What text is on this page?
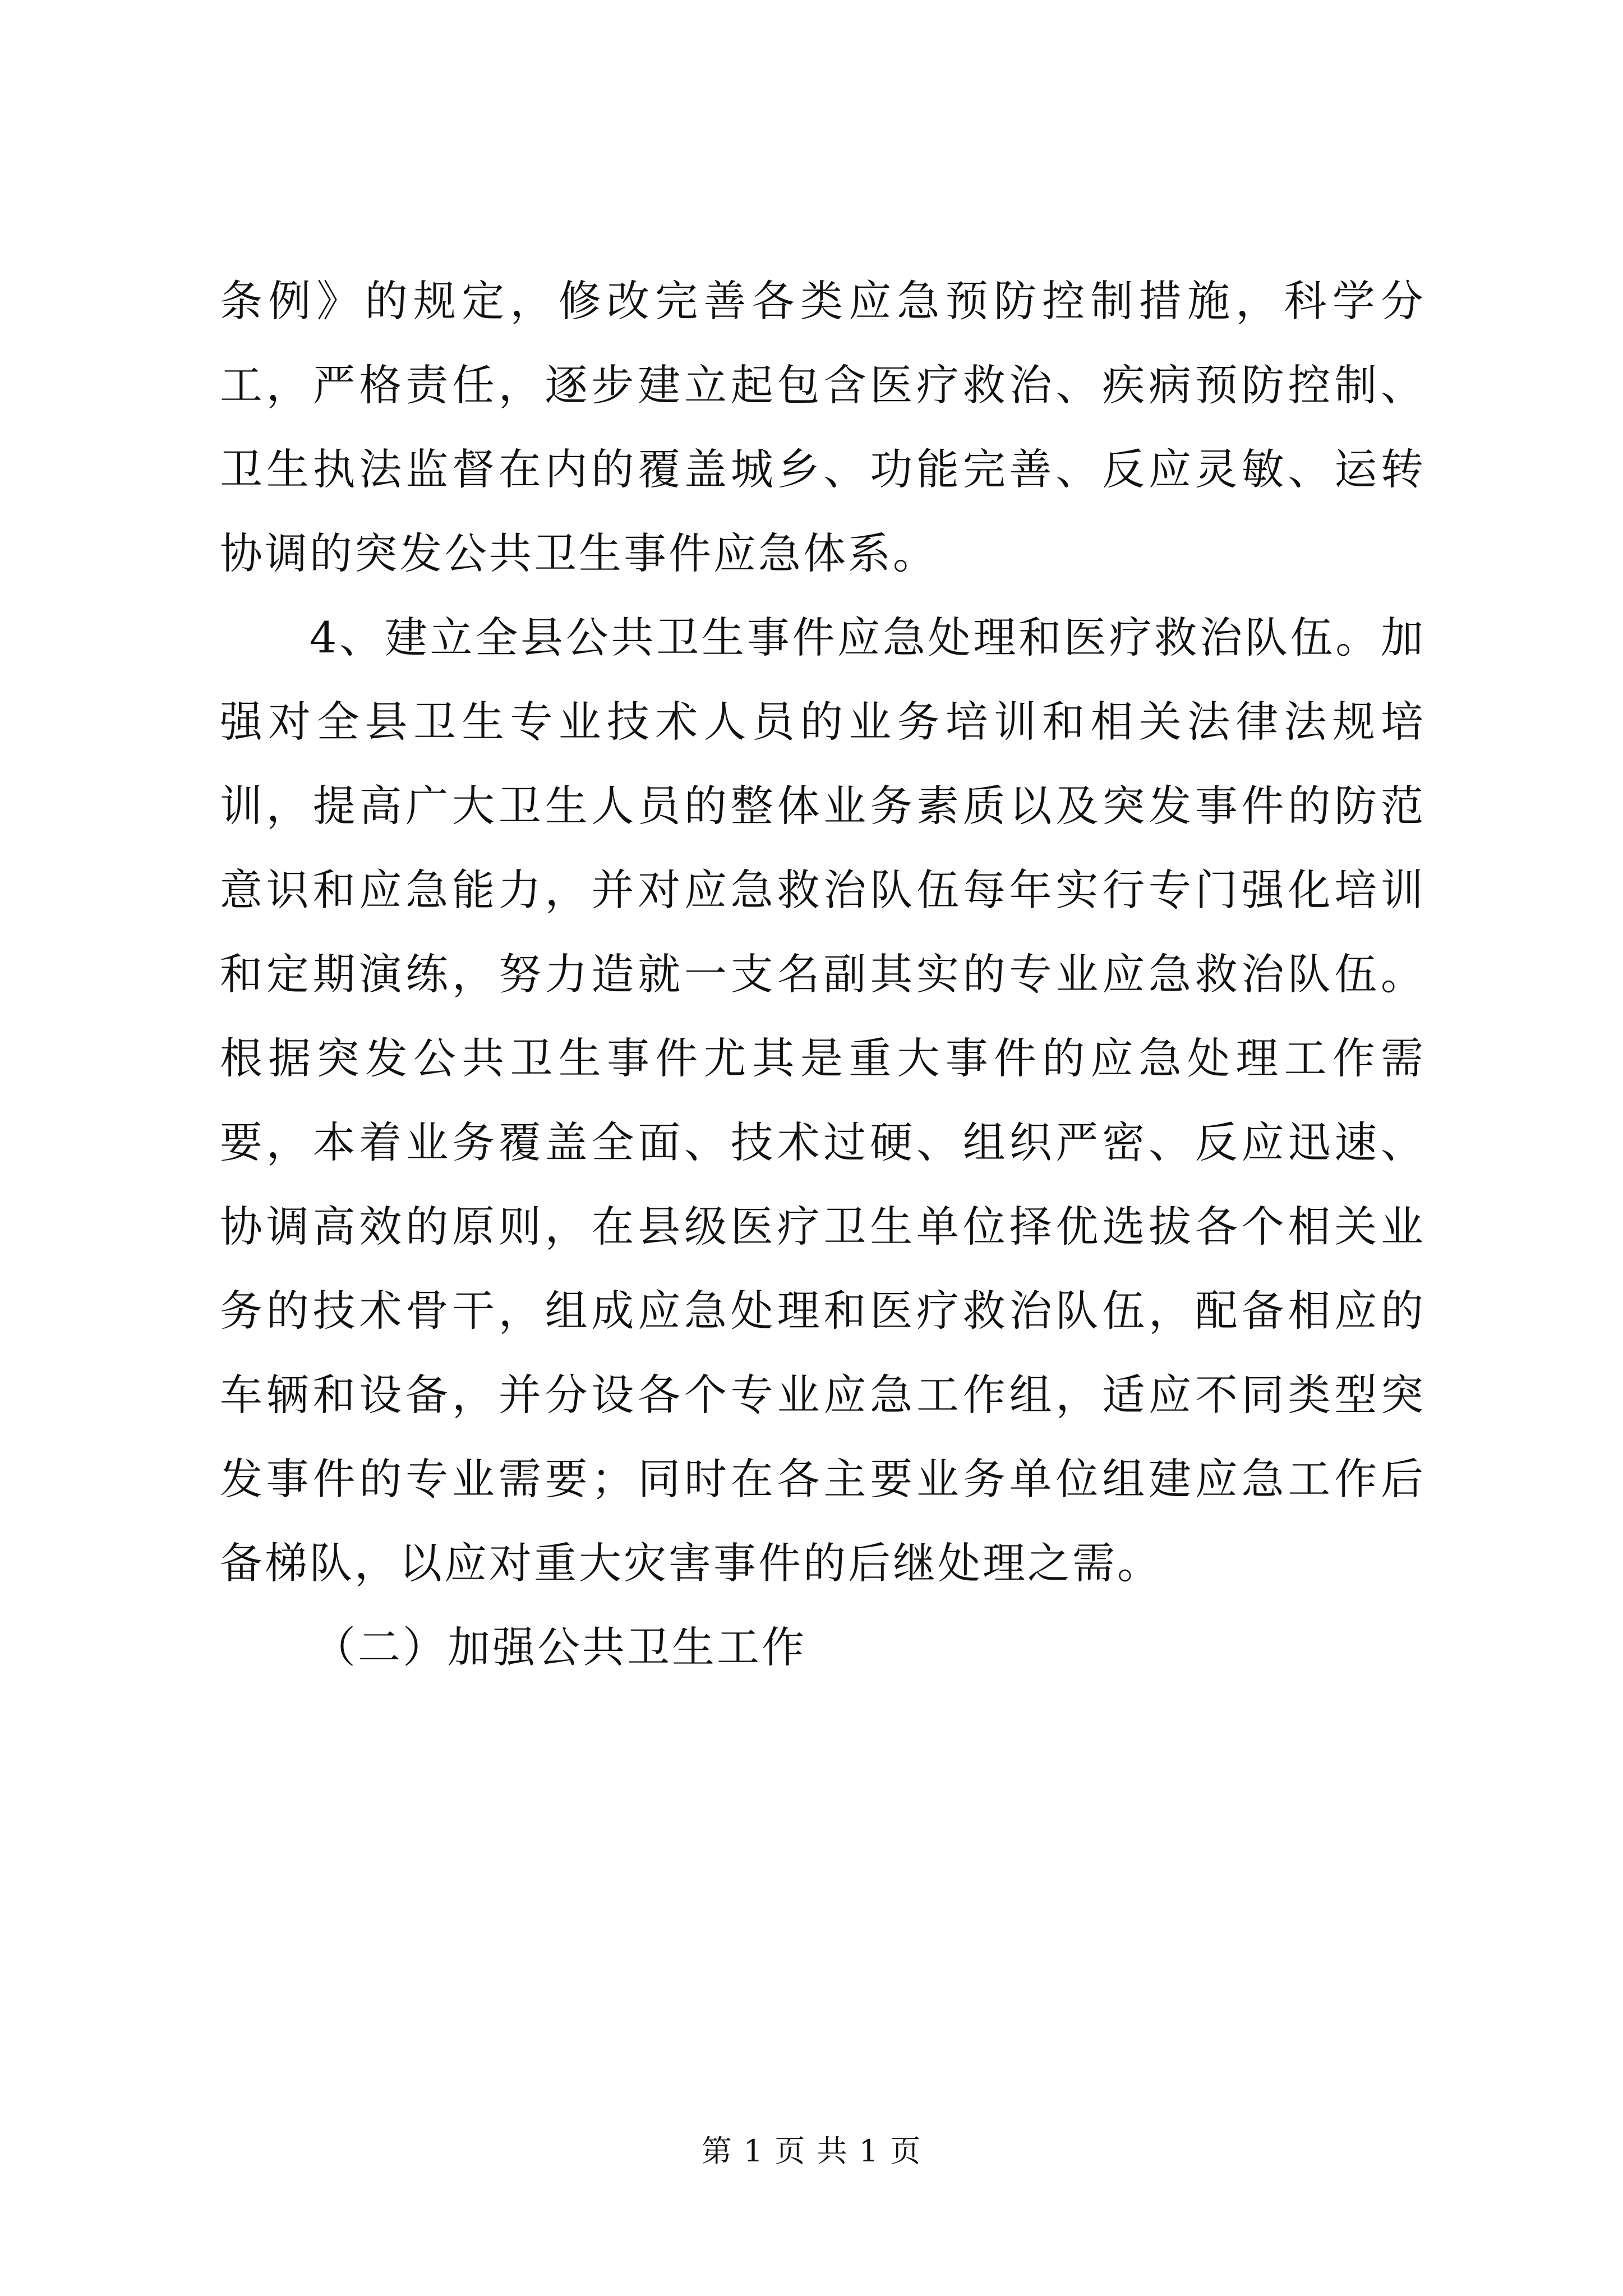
条例》的规定，修改完善各类应急预防控制措施，科学分工，严格责任，逐步建立起包含医疗救治、疾病预防控制、卫生执法监督在内的覆盖城乡、功能完善、反应灵敏、运转协调的突发公共卫生事件应急体系。

4、建立全县公共卫生事件应急处理和医疗救治队伍。加强对全县卫生专业技术人员的业务培训和相关法律法规培训，提高广大卫生人员的整体业务素质以及突发事件的防范意识和应急能力，并对应急救治队伍每年实行专门强化培训和定期演练，努力造就一支名副其实的专业应急救治队伍。根据突发公共卫生事件尤其是重大事件的应急处理工作需要，本着业务覆盖全面、技术过硬、组织严密、反应迅速、协调高效的原则，在县级医疗卫生单位择优选拔各个相关业务的技术骨干，组成应急处理和医疗救治队伍，配备相应的车辆和设备，并分设各个专业应急工作组，适应不同类型突发事件的专业需要；同时在各主要业务单位组建应急工作后备梯队，以应对重大灾害事件的后继处理之需。

（二）加强公共卫生工作

第 1 页 共 1 页
